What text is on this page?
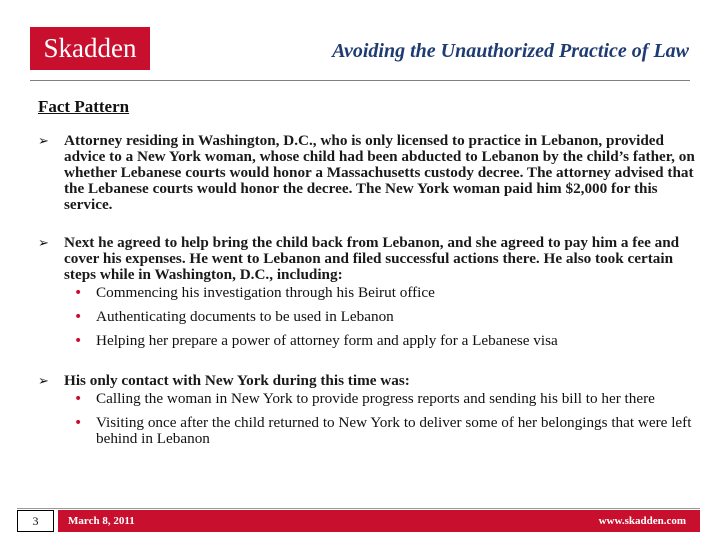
Skadden	Avoiding the Unauthorized Practice of Law
Fact Pattern
➢ Attorney residing in Washington, D.C., who is only licensed to practice in Lebanon, provided advice to a New York woman, whose child had been abducted to Lebanon by the child’s father, on whether Lebanese courts would honor a Massachusetts custody decree. The attorney advised that the Lebanese courts would honor the decree. The New York woman paid him $2,000 for this service.
➢ Next he agreed to help bring the child back from Lebanon, and she agreed to pay him a fee and cover his expenses. He went to Lebanon and filed successful actions there. He also took certain steps while in Washington, D.C., including:
• Commencing his investigation through his Beirut office
• Authenticating documents to be used in Lebanon
• Helping her prepare a power of attorney form and apply for a Lebanese visa
➢ His only contact with New York during this time was:
• Calling the woman in New York to provide progress reports and sending his bill to her there
• Visiting once after the child returned to New York to deliver some of her belongings that were left behind in Lebanon
3	March 8, 2011	www.skadden.com
